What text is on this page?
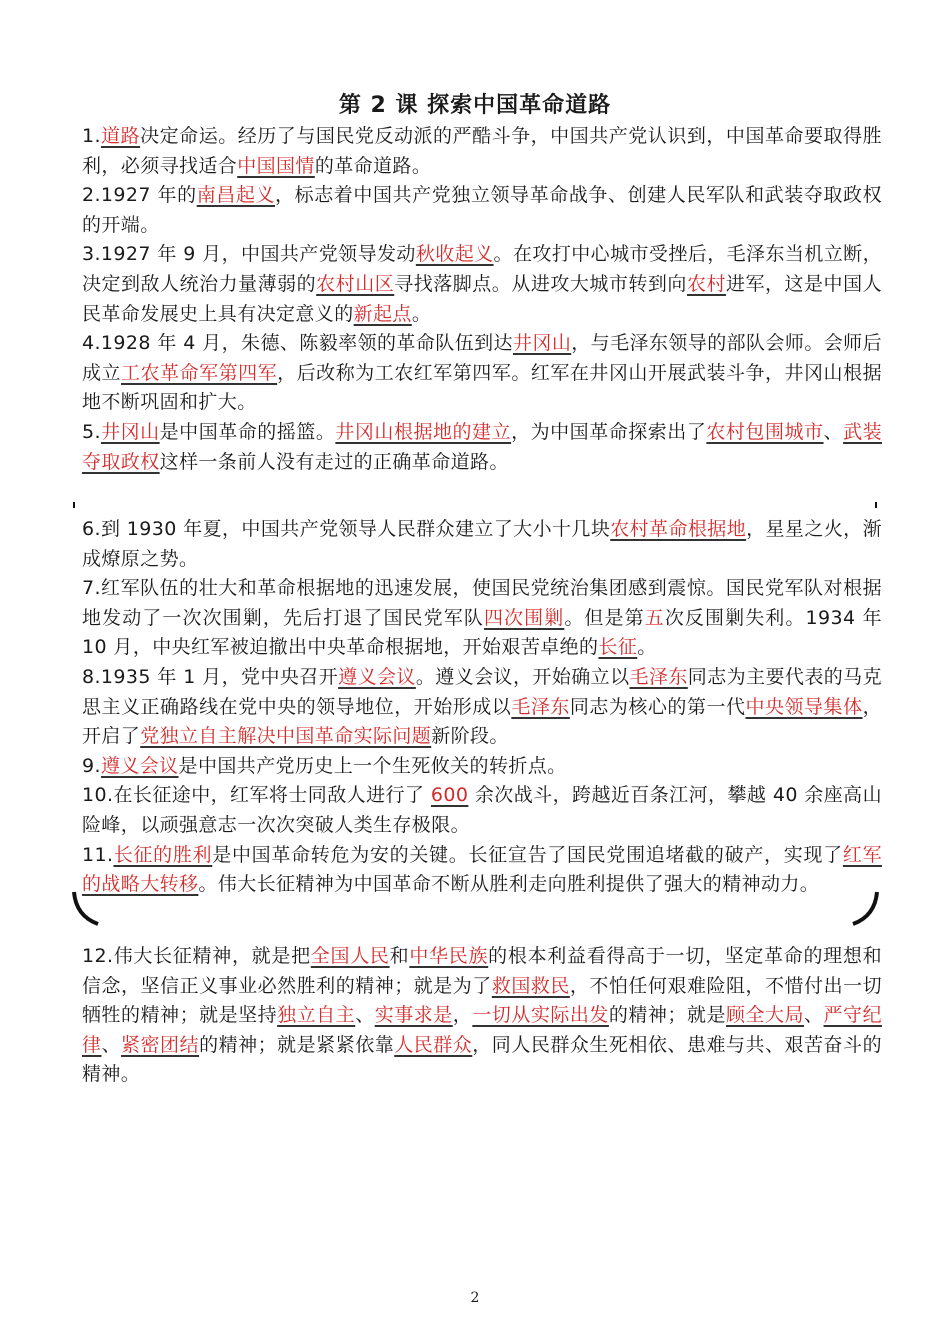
第 2 课 探索中国革命道路

1.道路决定命运。经历了与国民党反动派的严酷斗争，中国共产党认识到，中国革命要取得胜利，必须寻找适合中国国情的革命道路。

2.1927 年的南昌起义，标志着中国共产党独立领导革命战争、创建人民军队和武装夺取政权的开端。

3.1927 年 9 月，中国共产党领导发动秋收起义。在攻打中心城市受挫后，毛泽东当机立断，决定到敌人统治力量薄弱的农村山区寻找落脚点。从进攻大城市转到向农村进军，这是中国人民革命发展史上具有决定意义的新起点。

4.1928 年 4 月，朱德、陈毅率领的革命队伍到达井冈山，与毛泽东领导的部队会师。会师后成立工农革命军第四军，后改称为工农红军第四军。红军在井冈山开展武装斗争，井冈山根据地不断巩固和扩大。

5.井冈山是中国革命的摇篮。井冈山根据地的建立，为中国革命探索出了农村包围城市、武装夺取政权这样一条前人没有走过的正确革命道路。

6.到 1930 年夏，中国共产党领导人民群众建立了大小十几块农村革命根据地，星星之火，渐成燎原之势。

7.红军队伍的壮大和革命根据地的迅速发展，使国民党统治集团感到震惊。国民党军队对根据地发动了一次次围剿，先后打退了国民党军队四次围剿。但是第五次反围剿失利。1934 年 10 月，中央红军被迫撤出中央革命根据地，开始艰苦卓绝的长征。

8.1935 年 1 月，党中央召开遵义会议。遵义会议，开始确立以毛泽东同志为主要代表的马克思主义正确路线在党中央的领导地位，开始形成以毛泽东同志为核心的第一代中央领导集体，开启了党独立自主解决中国革命实际问题新阶段。

9.遵义会议是中国共产党历史上一个生死攸关的转折点。

10.在长征途中，红军将士同敌人进行了 600 余次战斗，跨越近百条江河，攀越 40 余座高山险峰，以顽强意志一次次突破人类生存极限。

11.长征的胜利是中国革命转危为安的关键。长征宣告了国民党围追堵截的破产，实现了红军的战略大转移。伟大长征精神为中国革命不断从胜利走向胜利提供了强大的精神动力。

12.伟大长征精神，就是把全国人民和中华民族的根本利益看得高于一切，坚定革命的理想和信念，坚信正义事业必然胜利的精神；就是为了救国救民，不怕任何艰难险阻，不惜付出一切牺牲的精神；就是坚持独立自主、实事求是，一切从实际出发的精神；就是顾全大局、严守纪律、紧密团结的精神；就是紧紧依靠人民群众，同人民群众生死相依、患难与共、艰苦奋斗的精神。

2
